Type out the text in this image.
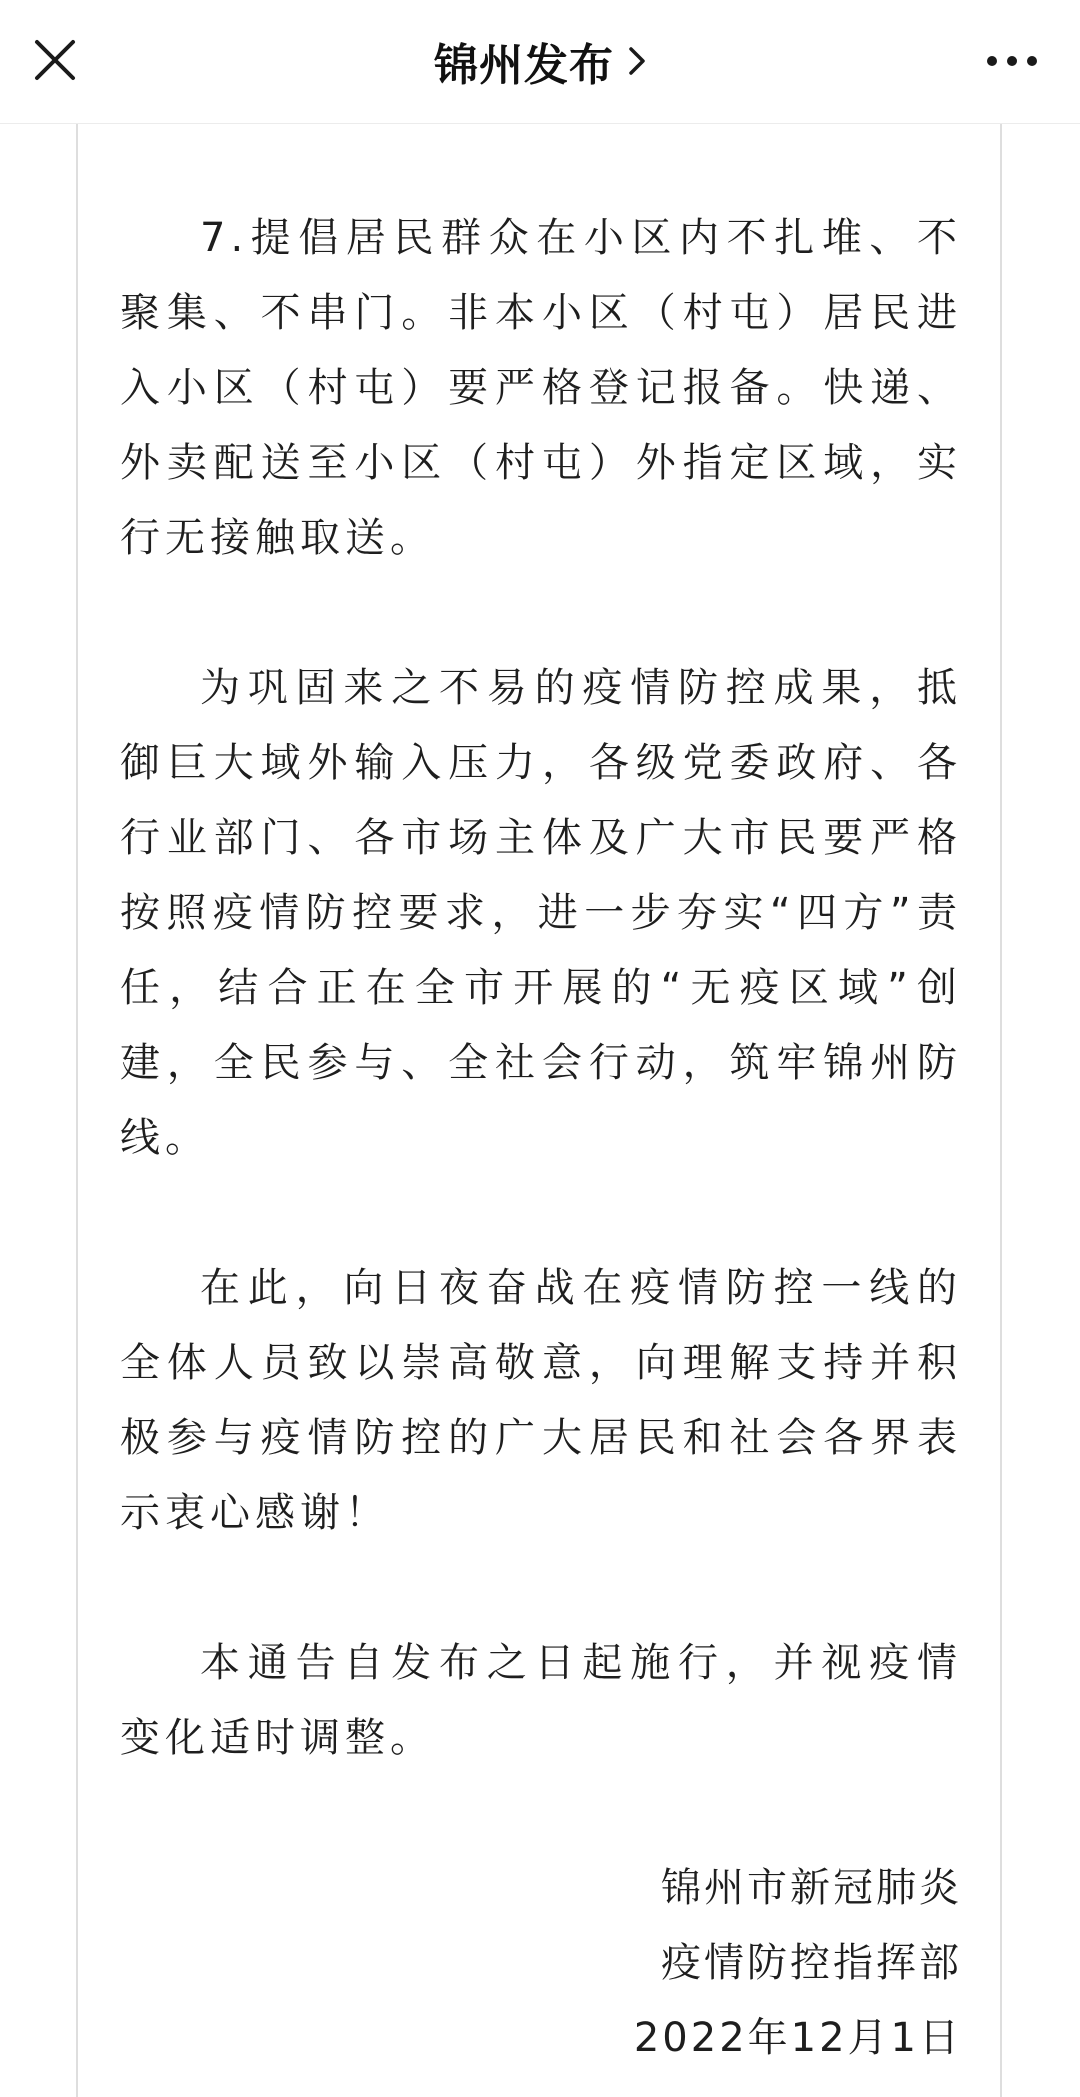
锦州发布

7.提倡居民群众在小区内不扎堆、不聚集、不串门。非本小区（村屯）居民进入小区（村屯）要严格登记报备。快递、外卖配送至小区（村屯）外指定区域，实行无接触取送。

为巩固来之不易的疫情防控成果，抵御巨大域外输入压力，各级党委政府、各行业部门、各市场主体及广大市民要严格按照疫情防控要求，进一步夯实“四方”责任，结合正在全市开展的“无疫区域”创建，全民参与、全社会行动，筑牢锦州防线。

在此，向日夜奋战在疫情防控一线的全体人员致以崇高敬意，向理解支持并积极参与疫情防控的广大居民和社会各界表示衷心感谢！

本通告自发布之日起施行，并视疫情变化适时调整。

锦州市新冠肺炎

疫情防控指挥部

2022年12月1日
